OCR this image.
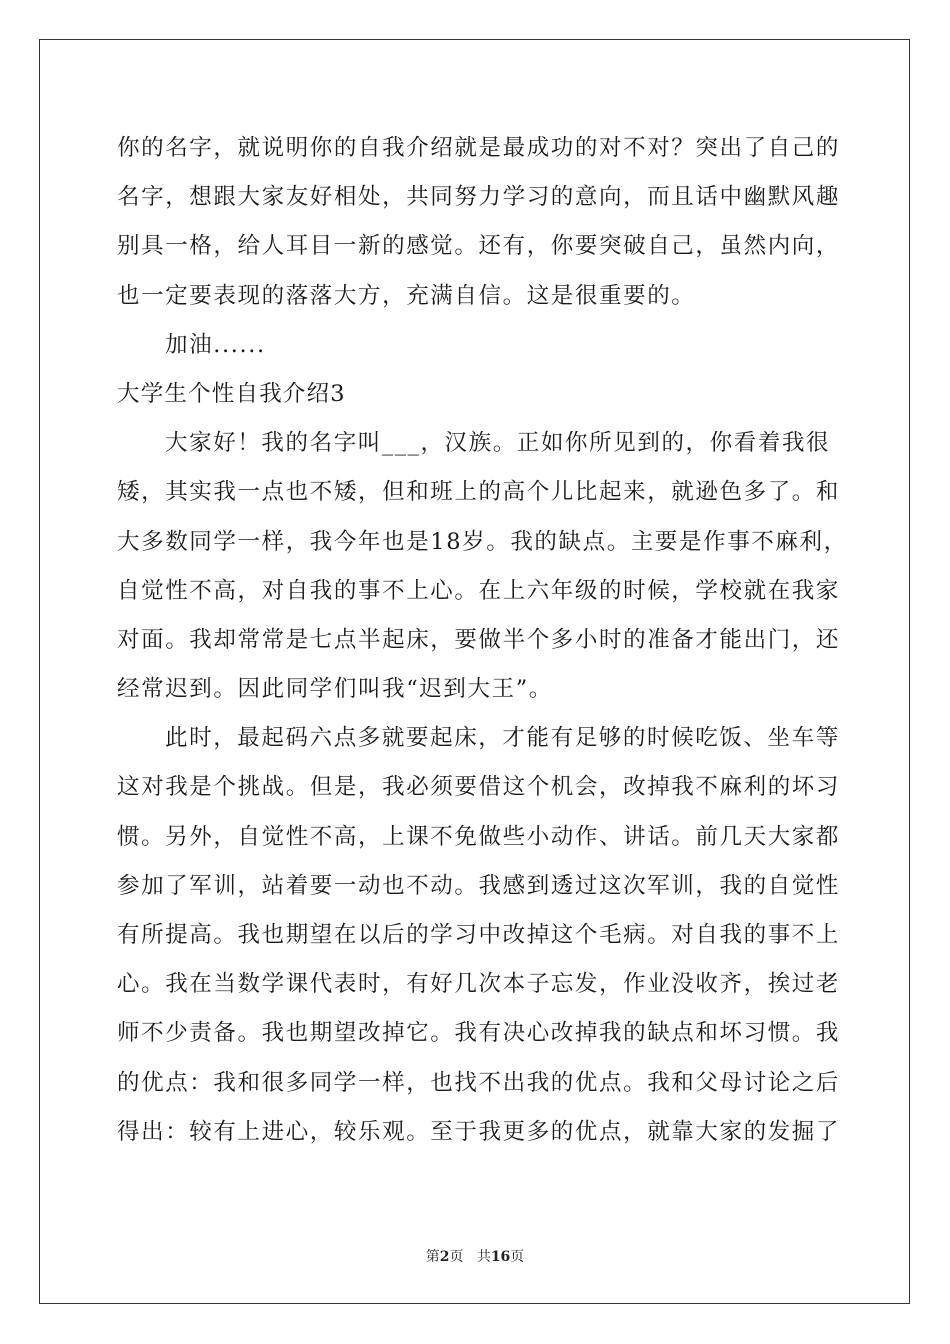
你的名字，就说明你的自我介绍就是最成功的对不对？突出了自己的
名字，想跟大家友好相处，共同努力学习的意向，而且话中幽默风趣
别具一格，给人耳目一新的感觉。还有，你要突破自己，虽然内向，
也一定要表现的落落大方，充满自信。这是很重要的。
加油......
大学生个性自我介绍3
大家好！我的名字叫___，汉族。正如你所见到的，你看着我很
矮，其实我一点也不矮，但和班上的高个儿比起来，就逊色多了。和
大多数同学一样，我今年也是18岁。我的缺点。主要是作事不麻利，
自觉性不高，对自我的事不上心。在上六年级的时候，学校就在我家
对面。我却常常是七点半起床，要做半个多小时的准备才能出门，还
经常迟到。因此同学们叫我“迟到大王”。
此时，最起码六点多就要起床，才能有足够的时候吃饭、坐车等
这对我是个挑战。但是，我必须要借这个机会，改掉我不麻利的坏习
惯。另外，自觉性不高，上课不免做些小动作、讲话。前几天大家都
参加了军训，站着要一动也不动。我感到透过这次军训，我的自觉性
有所提高。我也期望在以后的学习中改掉这个毛病。对自我的事不上
心。我在当数学课代表时，有好几次本子忘发，作业没收齐，挨过老
师不少责备。我也期望改掉它。我有决心改掉我的缺点和坏习惯。我
的优点：我和很多同学一样，也找不出我的优点。我和父母讨论之后
得出：较有上进心，较乐观。至于我更多的优点，就靠大家的发掘了
第2页 共16页
